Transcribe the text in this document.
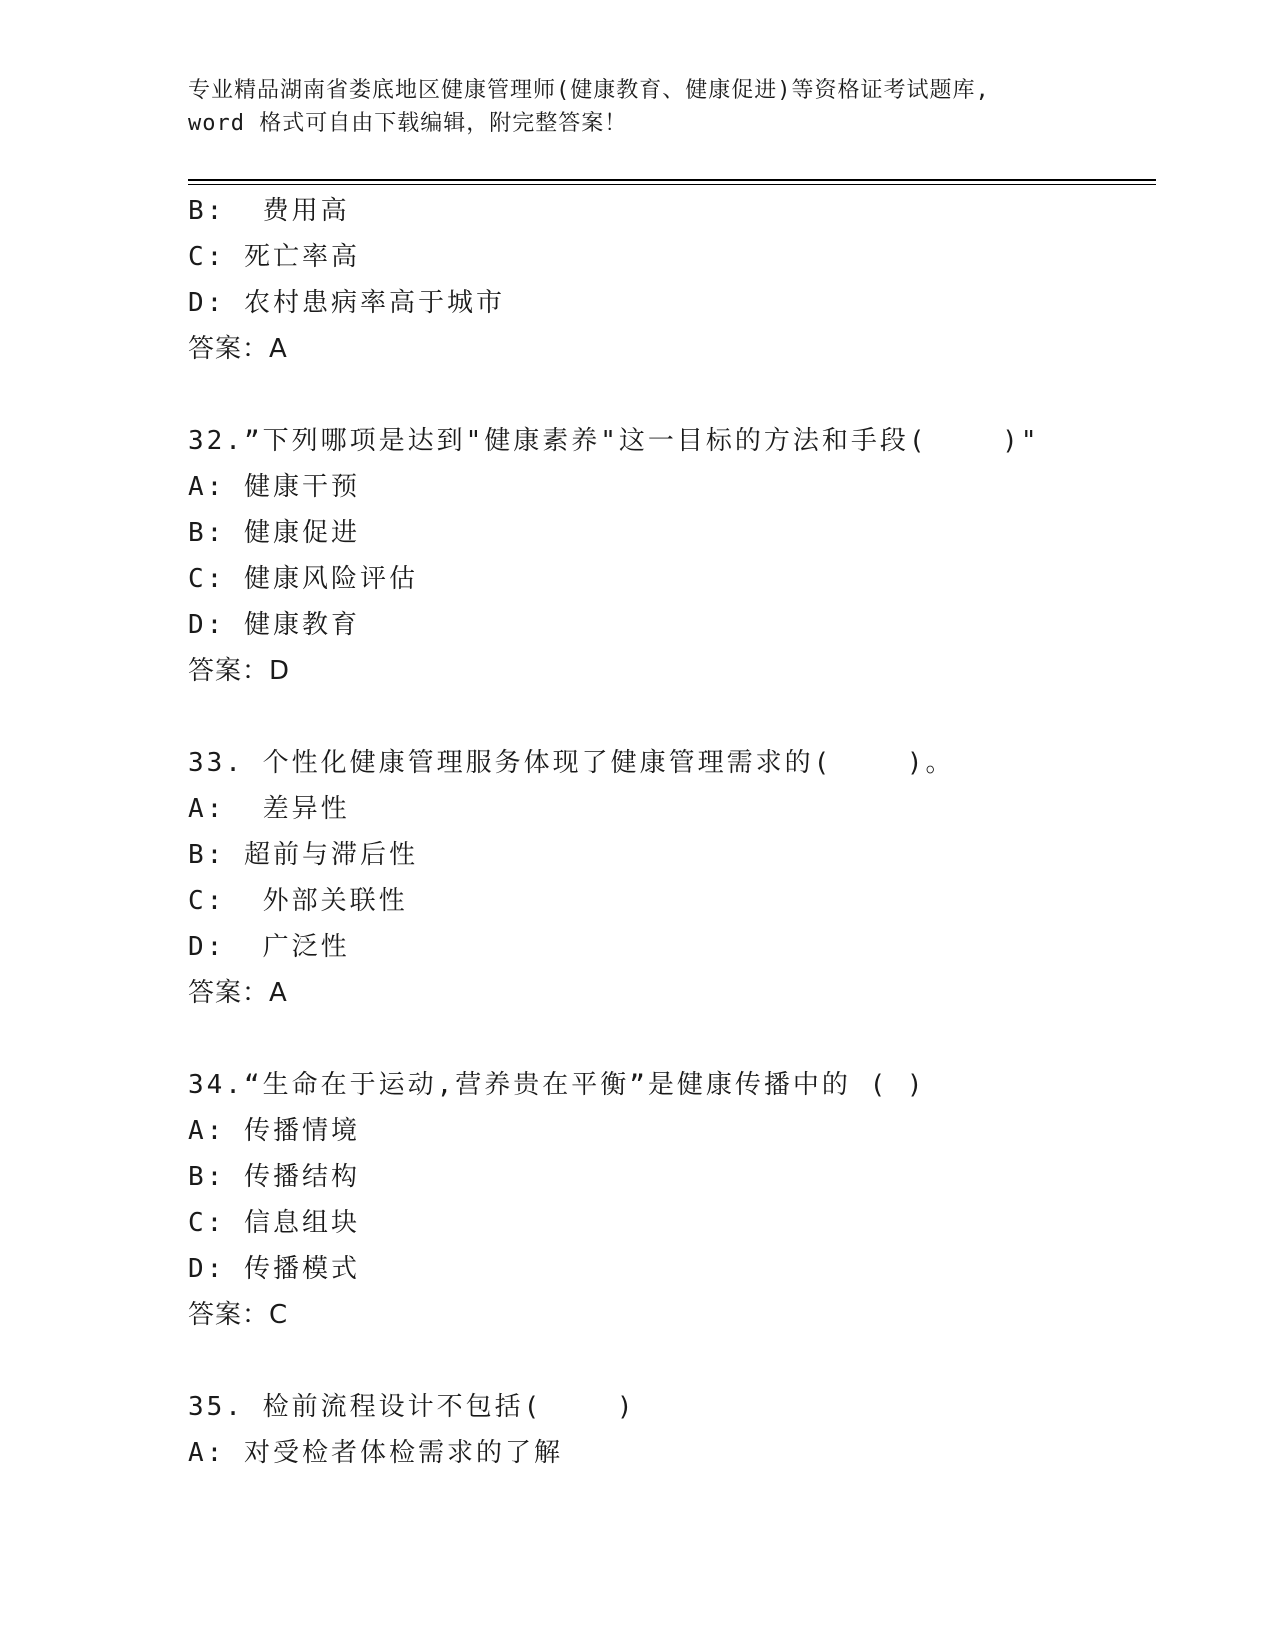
专业精品湖南省娄底地区健康管理师(健康教育、健康促进)等资格证考试题库,
word 格式可自由下载编辑，附完整答案！
B:  费用高
C: 死亡率高
D: 农村患病率高于城市
答案：A
32.”下列哪项是达到"健康素养"这一目标的方法和手段(    )"
A: 健康干预
B: 健康促进
C: 健康风险评估
D: 健康教育
答案：D
33. 个性化健康管理服务体现了健康管理需求的(    )。
A:  差异性
B: 超前与滞后性
C:  外部关联性
D:  广泛性
答案：A
34.“生命在于运动,营养贵在平衡”是健康传播中的 ( )
A: 传播情境
B: 传播结构
C: 信息组块
D: 传播模式
答案：C
35. 检前流程设计不包括(    )
A: 对受检者体检需求的了解
